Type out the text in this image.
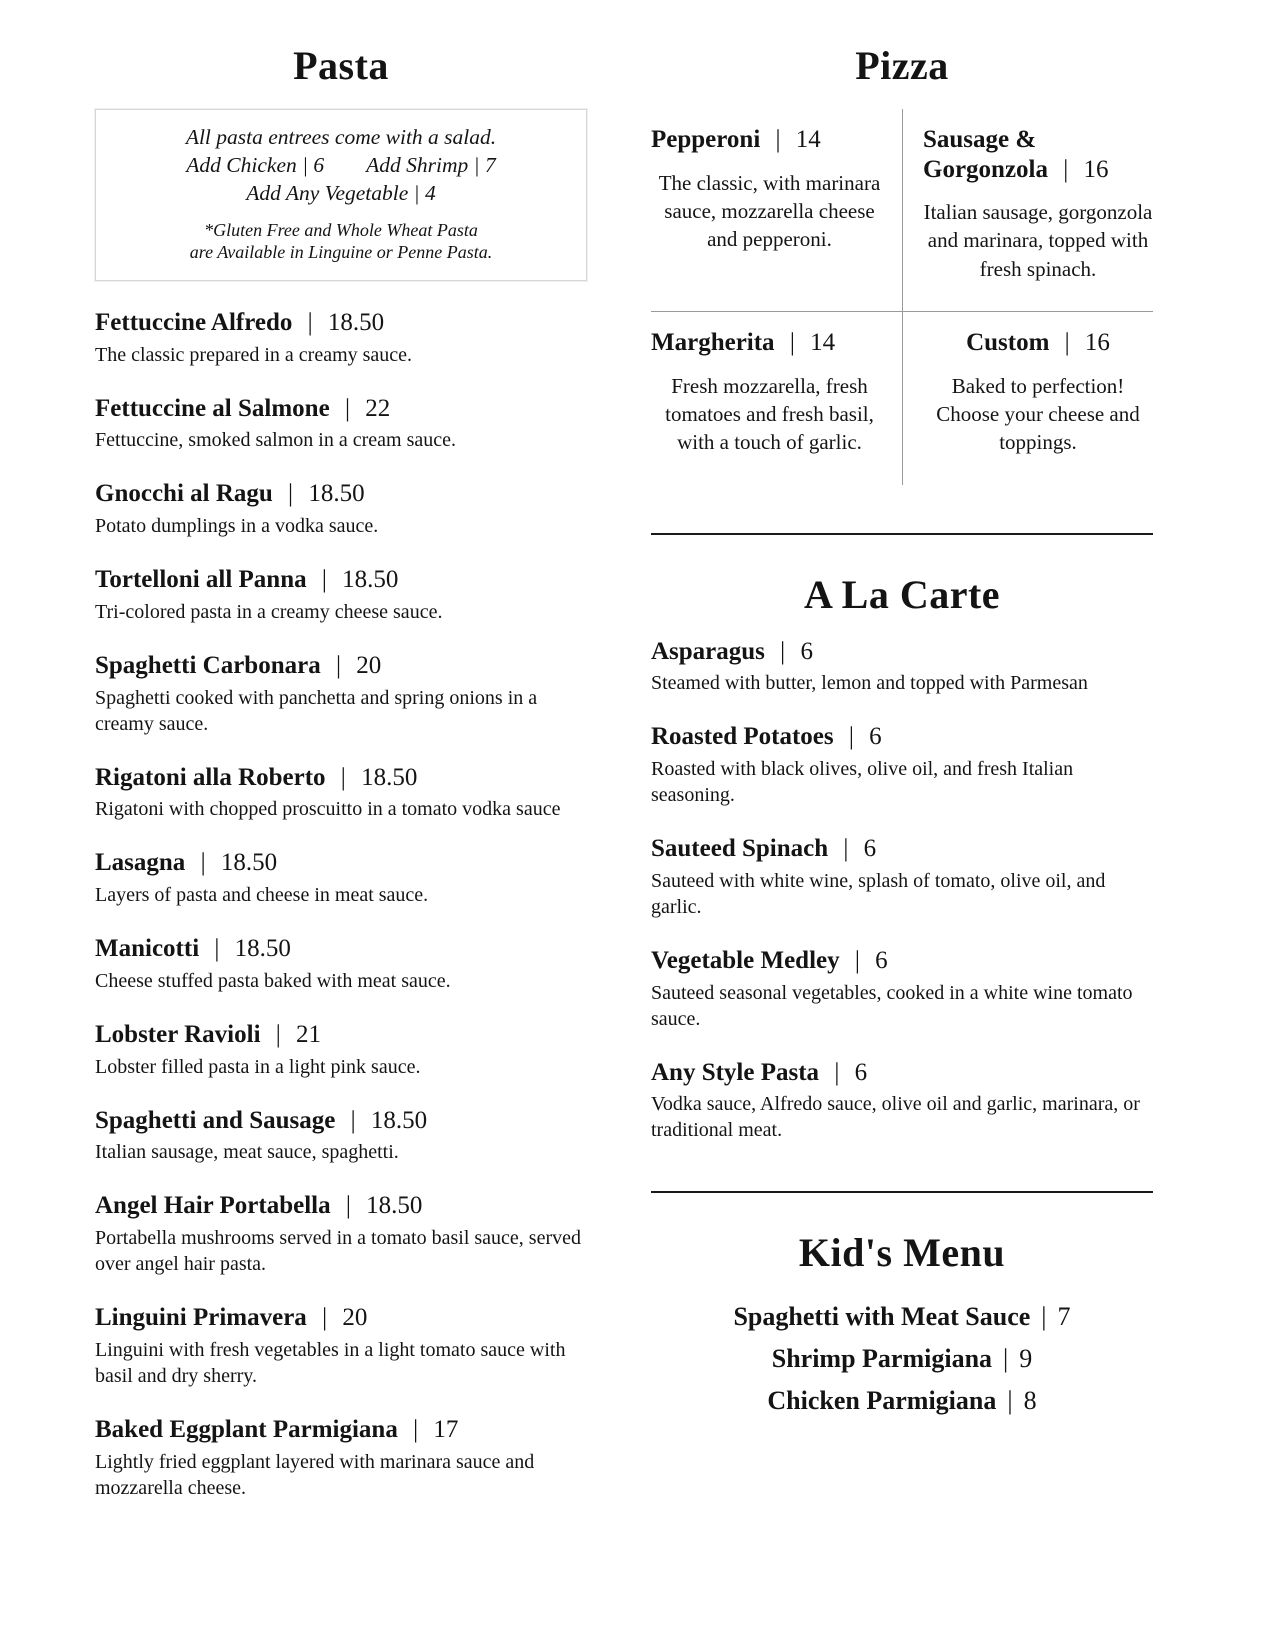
Pasta
All pasta entrees come with a salad.
Add Chicken | 6 Add Shrimp | 7
Add Any Vegetable | 4
*Gluten Free and Whole Wheat Pasta
are Available in Linguine or Penne Pasta.
Fettuccine Alfredo | 18.50
The classic prepared in a creamy sauce.
Fettuccine al Salmone | 22
Fettuccine, smoked salmon in a cream sauce.
Gnocchi al Ragu | 18.50
Potato dumplings in a vodka sauce.
Tortelloni all Panna | 18.50
Tri-colored pasta in a creamy cheese sauce.
Spaghetti Carbonara | 20
Spaghetti cooked with panchetta and spring onions in a creamy sauce.
Rigatoni alla Roberto | 18.50
Rigatoni with chopped proscuitto in a tomato vodka sauce
Lasagna | 18.50
Layers of pasta and cheese in meat sauce.
Manicotti | 18.50
Cheese stuffed pasta baked with meat sauce.
Lobster Ravioli | 21
Lobster filled pasta in a light pink sauce.
Spaghetti and Sausage | 18.50
Italian sausage, meat sauce, spaghetti.
Angel Hair Portabella | 18.50
Portabella mushrooms served in a tomato basil sauce, served over angel hair pasta.
Linguini Primavera | 20
Linguini with fresh vegetables in a light tomato sauce with basil and dry sherry.
Baked Eggplant Parmigiana | 17
Lightly fried eggplant layered with marinara sauce and mozzarella cheese.
Pizza
Pepperoni | 14
The classic, with marinara sauce, mozzarella cheese and pepperoni.
Sausage & Gorgonzola | 16
Italian sausage, gorgonzola and marinara, topped with fresh spinach.
Margherita | 14
Fresh mozzarella, fresh tomatoes and fresh basil, with a touch of garlic.
Custom | 16
Baked to perfection! Choose your cheese and toppings.
A La Carte
Asparagus | 6
Steamed with butter, lemon and topped with Parmesan
Roasted Potatoes | 6
Roasted with black olives, olive oil, and fresh Italian seasoning.
Sauteed Spinach | 6
Sauteed with white wine, splash of tomato, olive oil, and garlic.
Vegetable Medley | 6
Sauteed seasonal vegetables, cooked in a white wine tomato sauce.
Any Style Pasta | 6
Vodka sauce, Alfredo sauce, olive oil and garlic, marinara, or traditional meat.
Kid's Menu
Spaghetti with Meat Sauce | 7
Shrimp Parmigiana | 9
Chicken Parmigiana | 8
